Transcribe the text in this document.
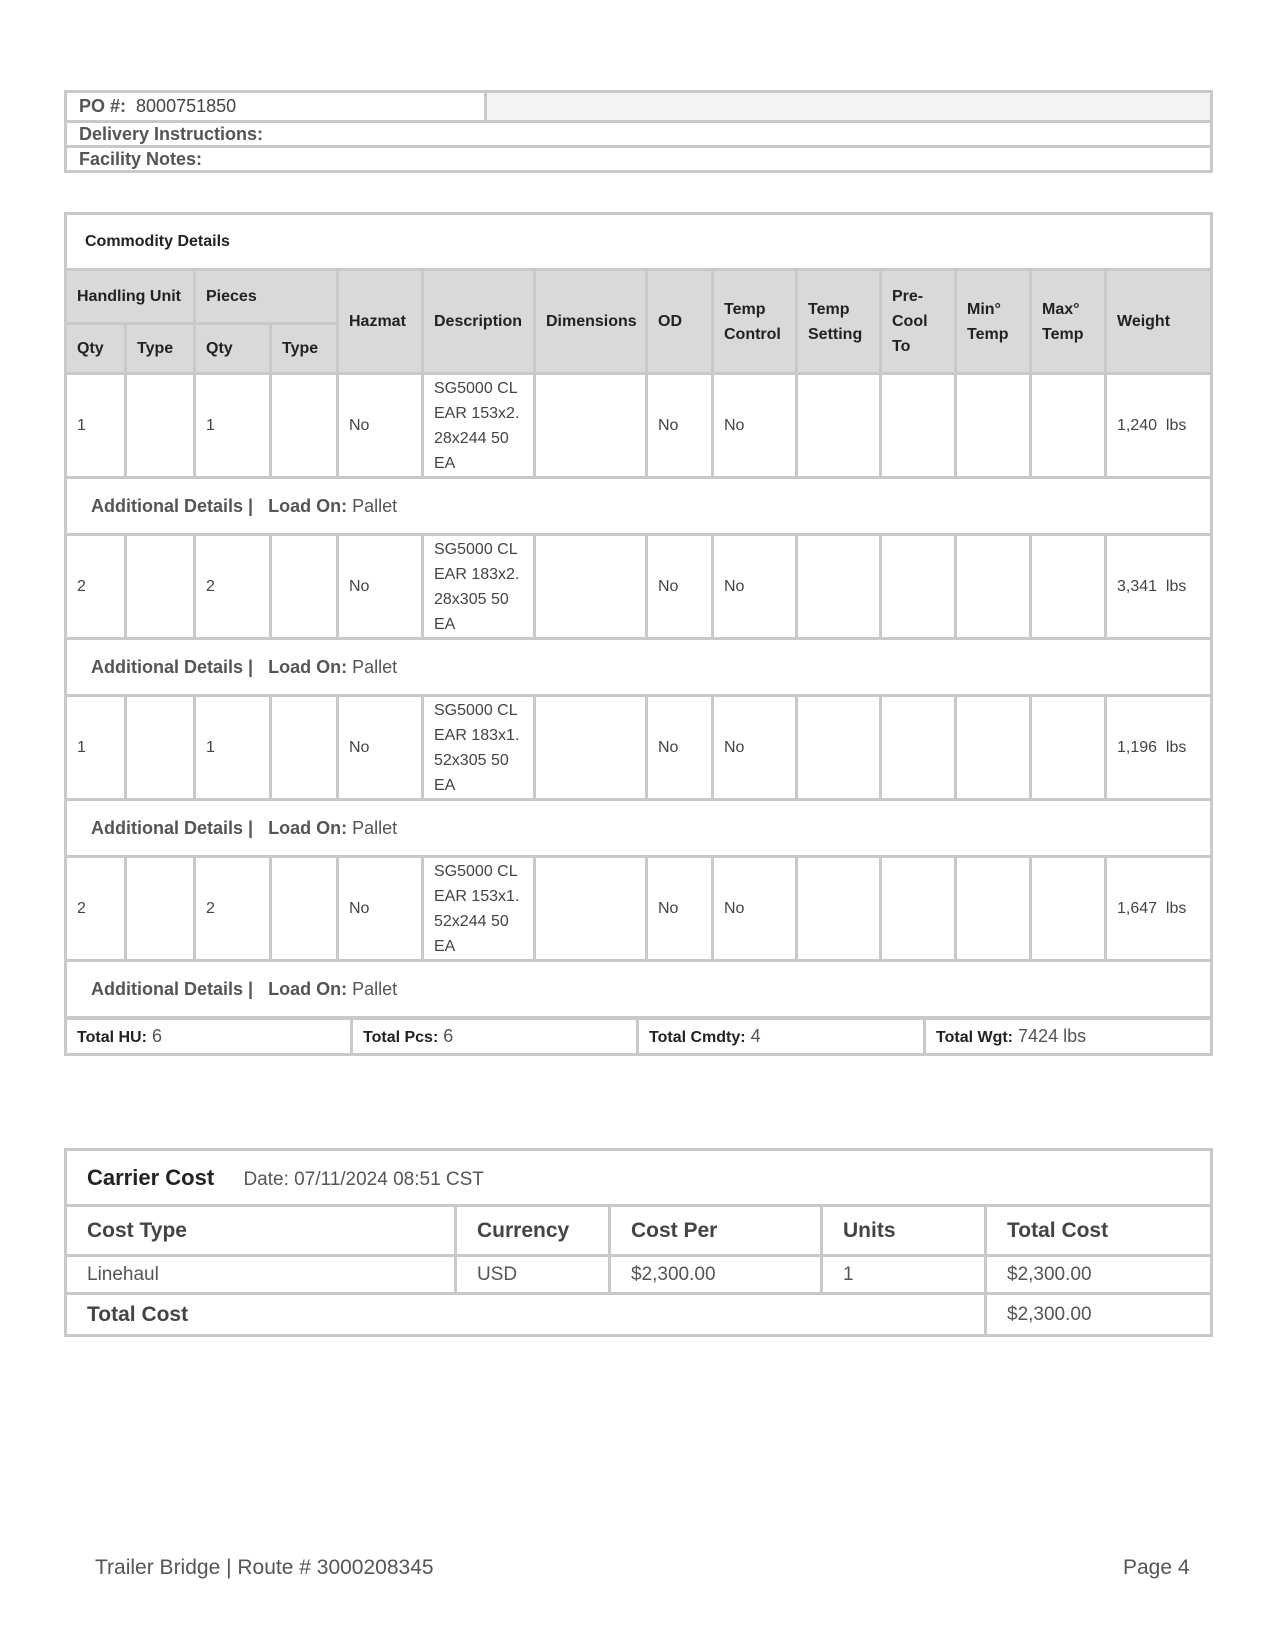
PO #: 8000751850	
Delivery Instructions:
Facility Notes:
Commodity Details													
Handling Unit		Pieces		Hazmat	Description	Dimensions	OD	Temp Control	Temp Setting	Pre-Cool To	Min° Temp	Max° Temp	Weight
Qty	Type	Qty	Type										
1		1		No	SG5000 CLEAR 153x2.28x244 50 EA		No	No					1,240  lbs
Additional Details | Load On: Pallet													
2		2		No	SG5000 CLEAR 183x2.28x305 50 EA		No	No					3,341  lbs
Additional Details | Load On: Pallet													
1		1		No	SG5000 CLEAR 183x1.52x305 50 EA		No	No					1,196  lbs
Additional Details | Load On: Pallet													
2		2		No	SG5000 CLEAR 153x1.52x244 50 EA		No	No					1,647  lbs
Additional Details | Load On: Pallet													
Total HU: 6	Total Pcs: 6	Total Cmdty: 4	Total Wgt: 7424 lbs
Carrier Cost Date: 07/11/2024 08:51 CST				
Cost Type	Currency	Cost Per	Units	Total Cost
Linehaul	USD	$2,300.00	1	$2,300.00
Total Cost				$2,300.00
Trailer Bridge | Route # 3000208345	Page 4
